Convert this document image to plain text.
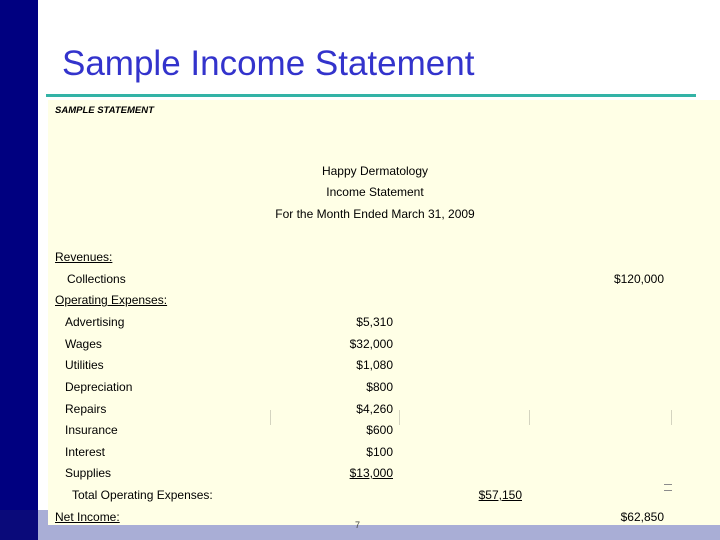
Sample Income Statement
SAMPLE STATEMENT
Happy Dermatology
Income Statement
For the Month Ended March 31, 2009
Revenues:
Collections	$120,000
Operating Expenses:
Advertising	$5,310
Wages	$32,000
Utilities	$1,080
Depreciation	$800
Repairs	$4,260
Insurance	$600
Interest	$100
Supplies	$13,000
Total Operating Expenses:	$57,150
Net Income:	$62,850
7
